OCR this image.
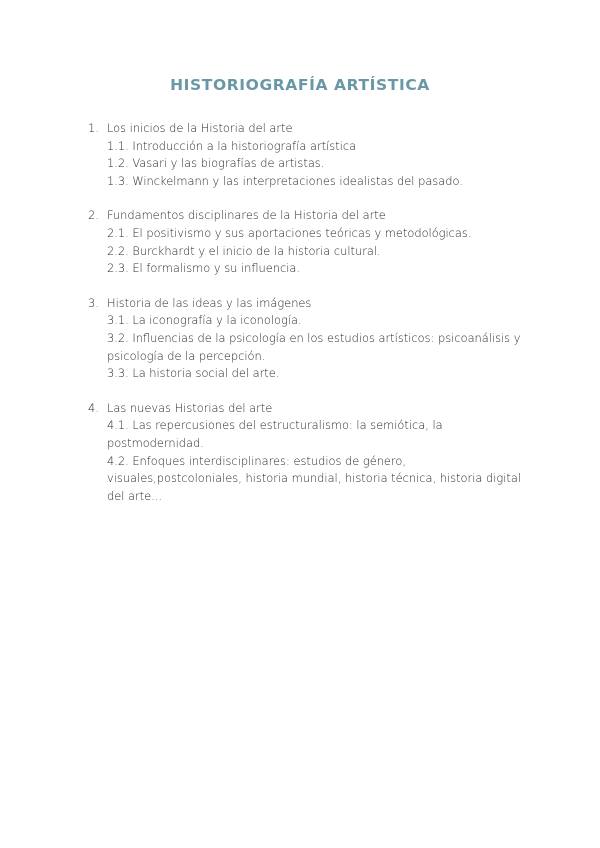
HISTORIOGRAFÍA ARTÍSTICA
1. Los inicios de la Historia del arte
1.1. Introducción a la historiografía artística
1.2. Vasari y las biografías de artistas.
1.3. Winckelmann y las interpretaciones idealistas del pasado.
2. Fundamentos disciplinares de la Historia del arte
2.1. El positivismo y sus aportaciones teóricas y metodológicas.
2.2. Burckhardt y el inicio de la historia cultural.
2.3. El formalismo y su influencia.
3. Historia de las ideas y las imágenes
3.1. La iconografía y la iconología.
3.2. Influencias de la psicología en los estudios artísticos: psicoanálisis y psicología de la percepción.
3.3. La historia social del arte.
4. Las nuevas Historias del arte
4.1. Las repercusiones del estructuralismo: la semiótica, la postmodernidad.
4.2. Enfoques interdisciplinares: estudios de género, visuales,postcoloniales, historia mundial, historia técnica, historia digital del arte...
